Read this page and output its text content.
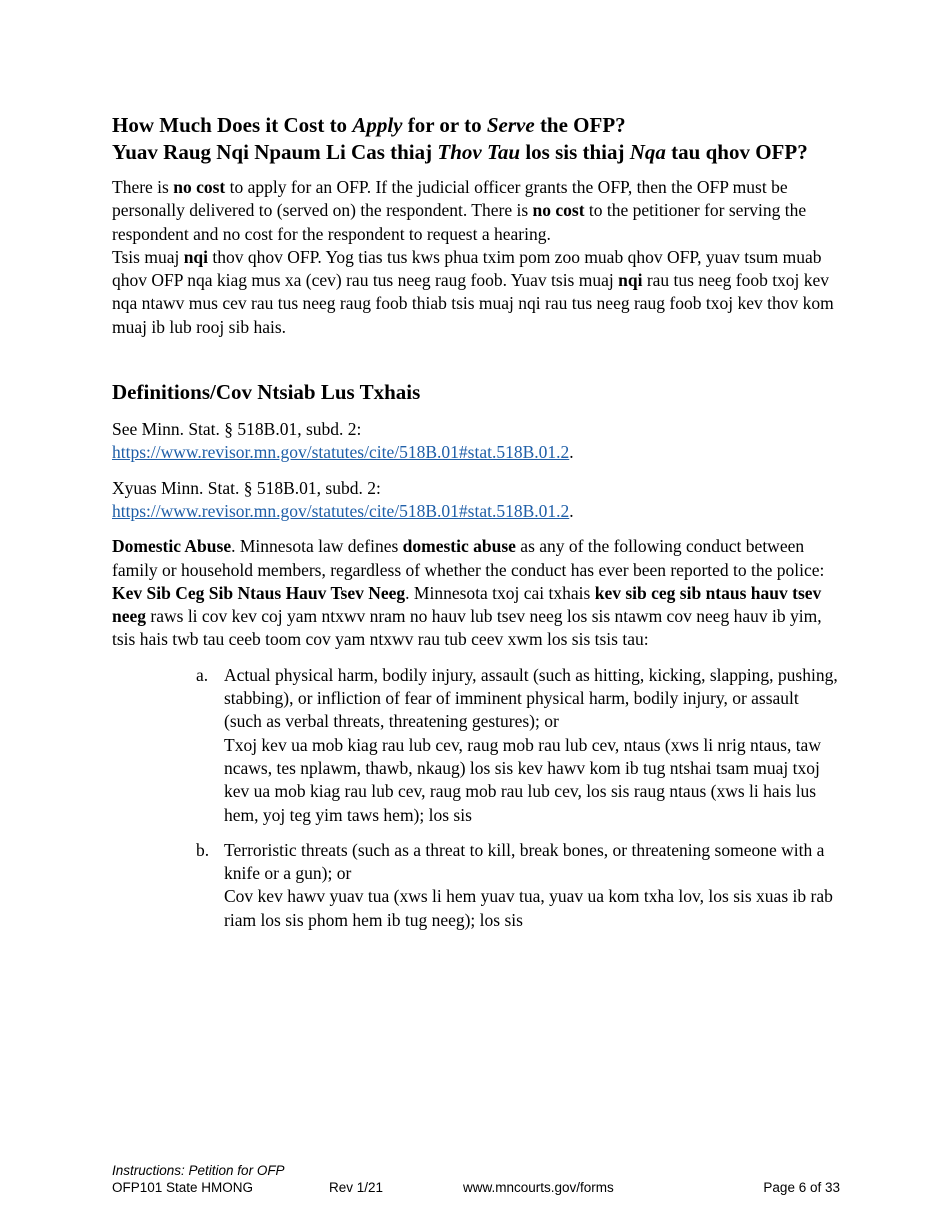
How Much Does it Cost to Apply for or to Serve the OFP?
Yuav Raug Nqi Npaum Li Cas thiaj Thov Tau los sis thiaj Nqa tau qhov OFP?

There is no cost to apply for an OFP. If the judicial officer grants the OFP, then the OFP must be personally delivered to (served on) the respondent. There is no cost to the petitioner for serving the respondent and no cost for the respondent to request a hearing.

Tsis muaj nqi thov qhov OFP. Yog tias tus kws phua txim pom zoo muab qhov OFP, yuav tsum muab qhov OFP nqa kiag mus xa (cev) rau tus neeg raug foob. Yuav tsis muaj nqi rau tus neeg foob txoj kev nqa ntawv mus cev rau tus neeg raug foob thiab tsis muaj nqi rau tus neeg raug foob txoj kev thov kom muaj ib lub rooj sib hais.

Definitions/Cov Ntsiab Lus Txhais

See Minn. Stat. § 518B.01, subd. 2:
https://www.revisor.mn.gov/statutes/cite/518B.01#stat.518B.01.2.

Xyuas Minn. Stat. § 518B.01, subd. 2:
https://www.revisor.mn.gov/statutes/cite/518B.01#stat.518B.01.2.

Domestic Abuse. Minnesota law defines domestic abuse as any of the following conduct between family or household members, regardless of whether the conduct has ever been reported to the police:

Kev Sib Ceg Sib Ntaus Hauv Tsev Neeg. Minnesota txoj cai txhais kev sib ceg sib ntaus hauv tsev neeg raws li cov kev coj yam ntxwv nram no hauv lub tsev neeg los sis ntawm cov neeg hauv ib yim, tsis hais twb tau ceeb toom cov yam ntxwv rau tub ceev xwm los sis tsis tau:

a. Actual physical harm, bodily injury, assault (such as hitting, kicking, slapping, pushing, stabbing), or infliction of fear of imminent physical harm, bodily injury, or assault (such as verbal threats, threatening gestures); or

Txoj kev ua mob kiag rau lub cev, raug mob rau lub cev, ntaus (xws li nrig ntaus, taw ncaws, tes nplawm, thawb, nkaug) los sis kev hawv kom ib tug ntshai tsam muaj txoj kev ua mob kiag rau lub cev, raug mob rau lub cev, los sis raug ntaus (xws li hais lus hem, yoj teg yim taws hem); los sis

b. Terroristic threats (such as a threat to kill, break bones, or threatening someone with a knife or a gun); or

Cov kev hawv yuav tua (xws li hem yuav tua, yuav ua kom txha lov, los sis xuas ib rab riam los sis phom hem ib tug neeg); los sis

Instructions: Petition for OFP
OFP101 State HMONG	Rev 1/21	www.mncourts.gov/forms	Page 6 of 33
